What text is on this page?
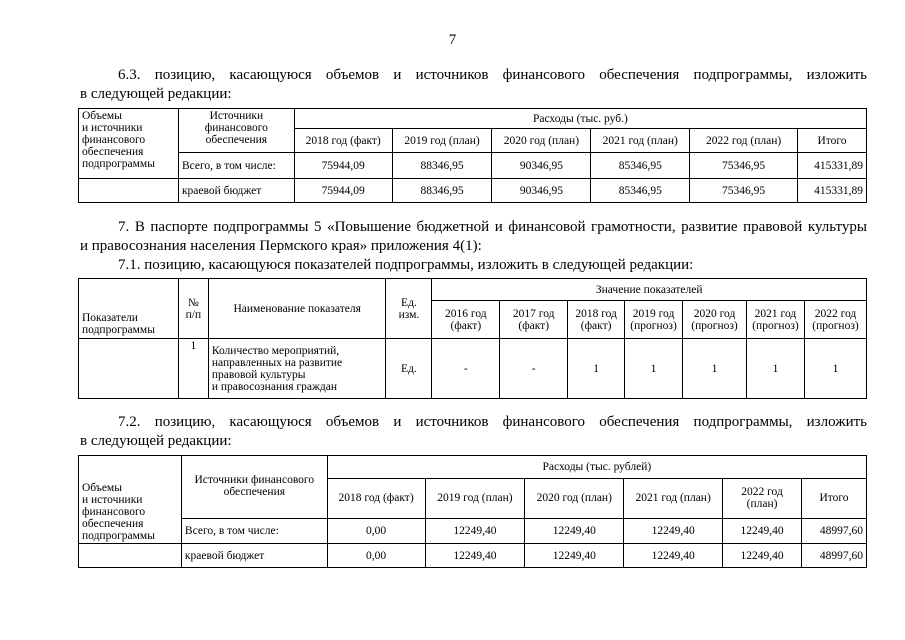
7
6.3. позицию, касающуюся объемов и источников финансового обеспечения подпрограммы, изложить
в следующей редакции:
Объемы
и источники
финансового
обеспечения
подпрограммы	Источники
финансового
обеспечения	Расходы (тыс. руб.)					
		2018 год (факт)	2019 год (план)	2020 год (план)	2021 год (план)	2022 год (план)	Итого
	Всего, в том числе:	75944,09	88346,95	90346,95	85346,95	75346,95	415331,89
	краевой бюджет	75944,09	88346,95	90346,95	85346,95	75346,95	415331,89
7. В паспорте подпрограммы 5 «Повышение бюджетной и финансовой грамотности, развитие правовой культуры
и правосознания населения Пермского края» приложения 4(1):
7.1. позицию, касающуюся показателей подпрограммы, изложить в следующей редакции:
Показатели
подпрограммы	№
п/п	Наименование показателя	Ед.
изм.	Значение показателей						
				2016 год
(факт)	2017 год
(факт)	2018 год
(факт)	2019 год
(прогноз)	2020 год
(прогноз)	2021 год
(прогноз)	2022 год
(прогноз)
	1	Количество мероприятий,
направленных на развитие
правовой культуры
и правосознания граждан	Ед.	-	-	1	1	1	1	1
7.2. позицию, касающуюся объемов и источников финансового обеспечения подпрограммы, изложить
в следующей редакции:
Объемы
и источники
финансового
обеспечения
подпрограммы	Источники финансового
обеспечения	Расходы (тыс. рублей)					
		2018 год (факт)	2019 год (план)	2020 год (план)	2021 год (план)	2022 год
(план)	Итого
	Всего, в том числе:	0,00	12249,40	12249,40	12249,40	12249,40	48997,60
	краевой бюджет	0,00	12249,40	12249,40	12249,40	12249,40	48997,60
